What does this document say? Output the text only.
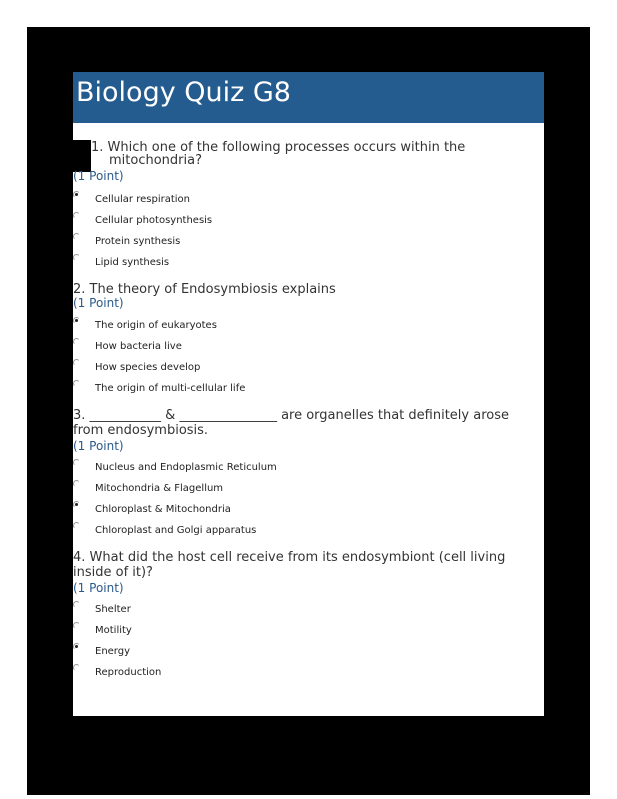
Biology Quiz G8
1. Which one of the following processes occurs within the
mitochondria?
(1 Point)
Cellular respiration
Cellular photosynthesis
Protein synthesis
Lipid synthesis
2. The theory of Endosymbiosis explains
(1 Point)
The origin of eukaryotes
How bacteria live
How species develop
The origin of multi-cellular life
3. ___________ & _______________ are organelles that definitely arose
from endosymbiosis.
(1 Point)
Nucleus and Endoplasmic Reticulum
Mitochondria & Flagellum
Chloroplast & Mitochondria
Chloroplast and Golgi apparatus
4. What did the host cell receive from its endosymbiont (cell living
inside of it)?
(1 Point)
Shelter
Motility
Energy
Reproduction
